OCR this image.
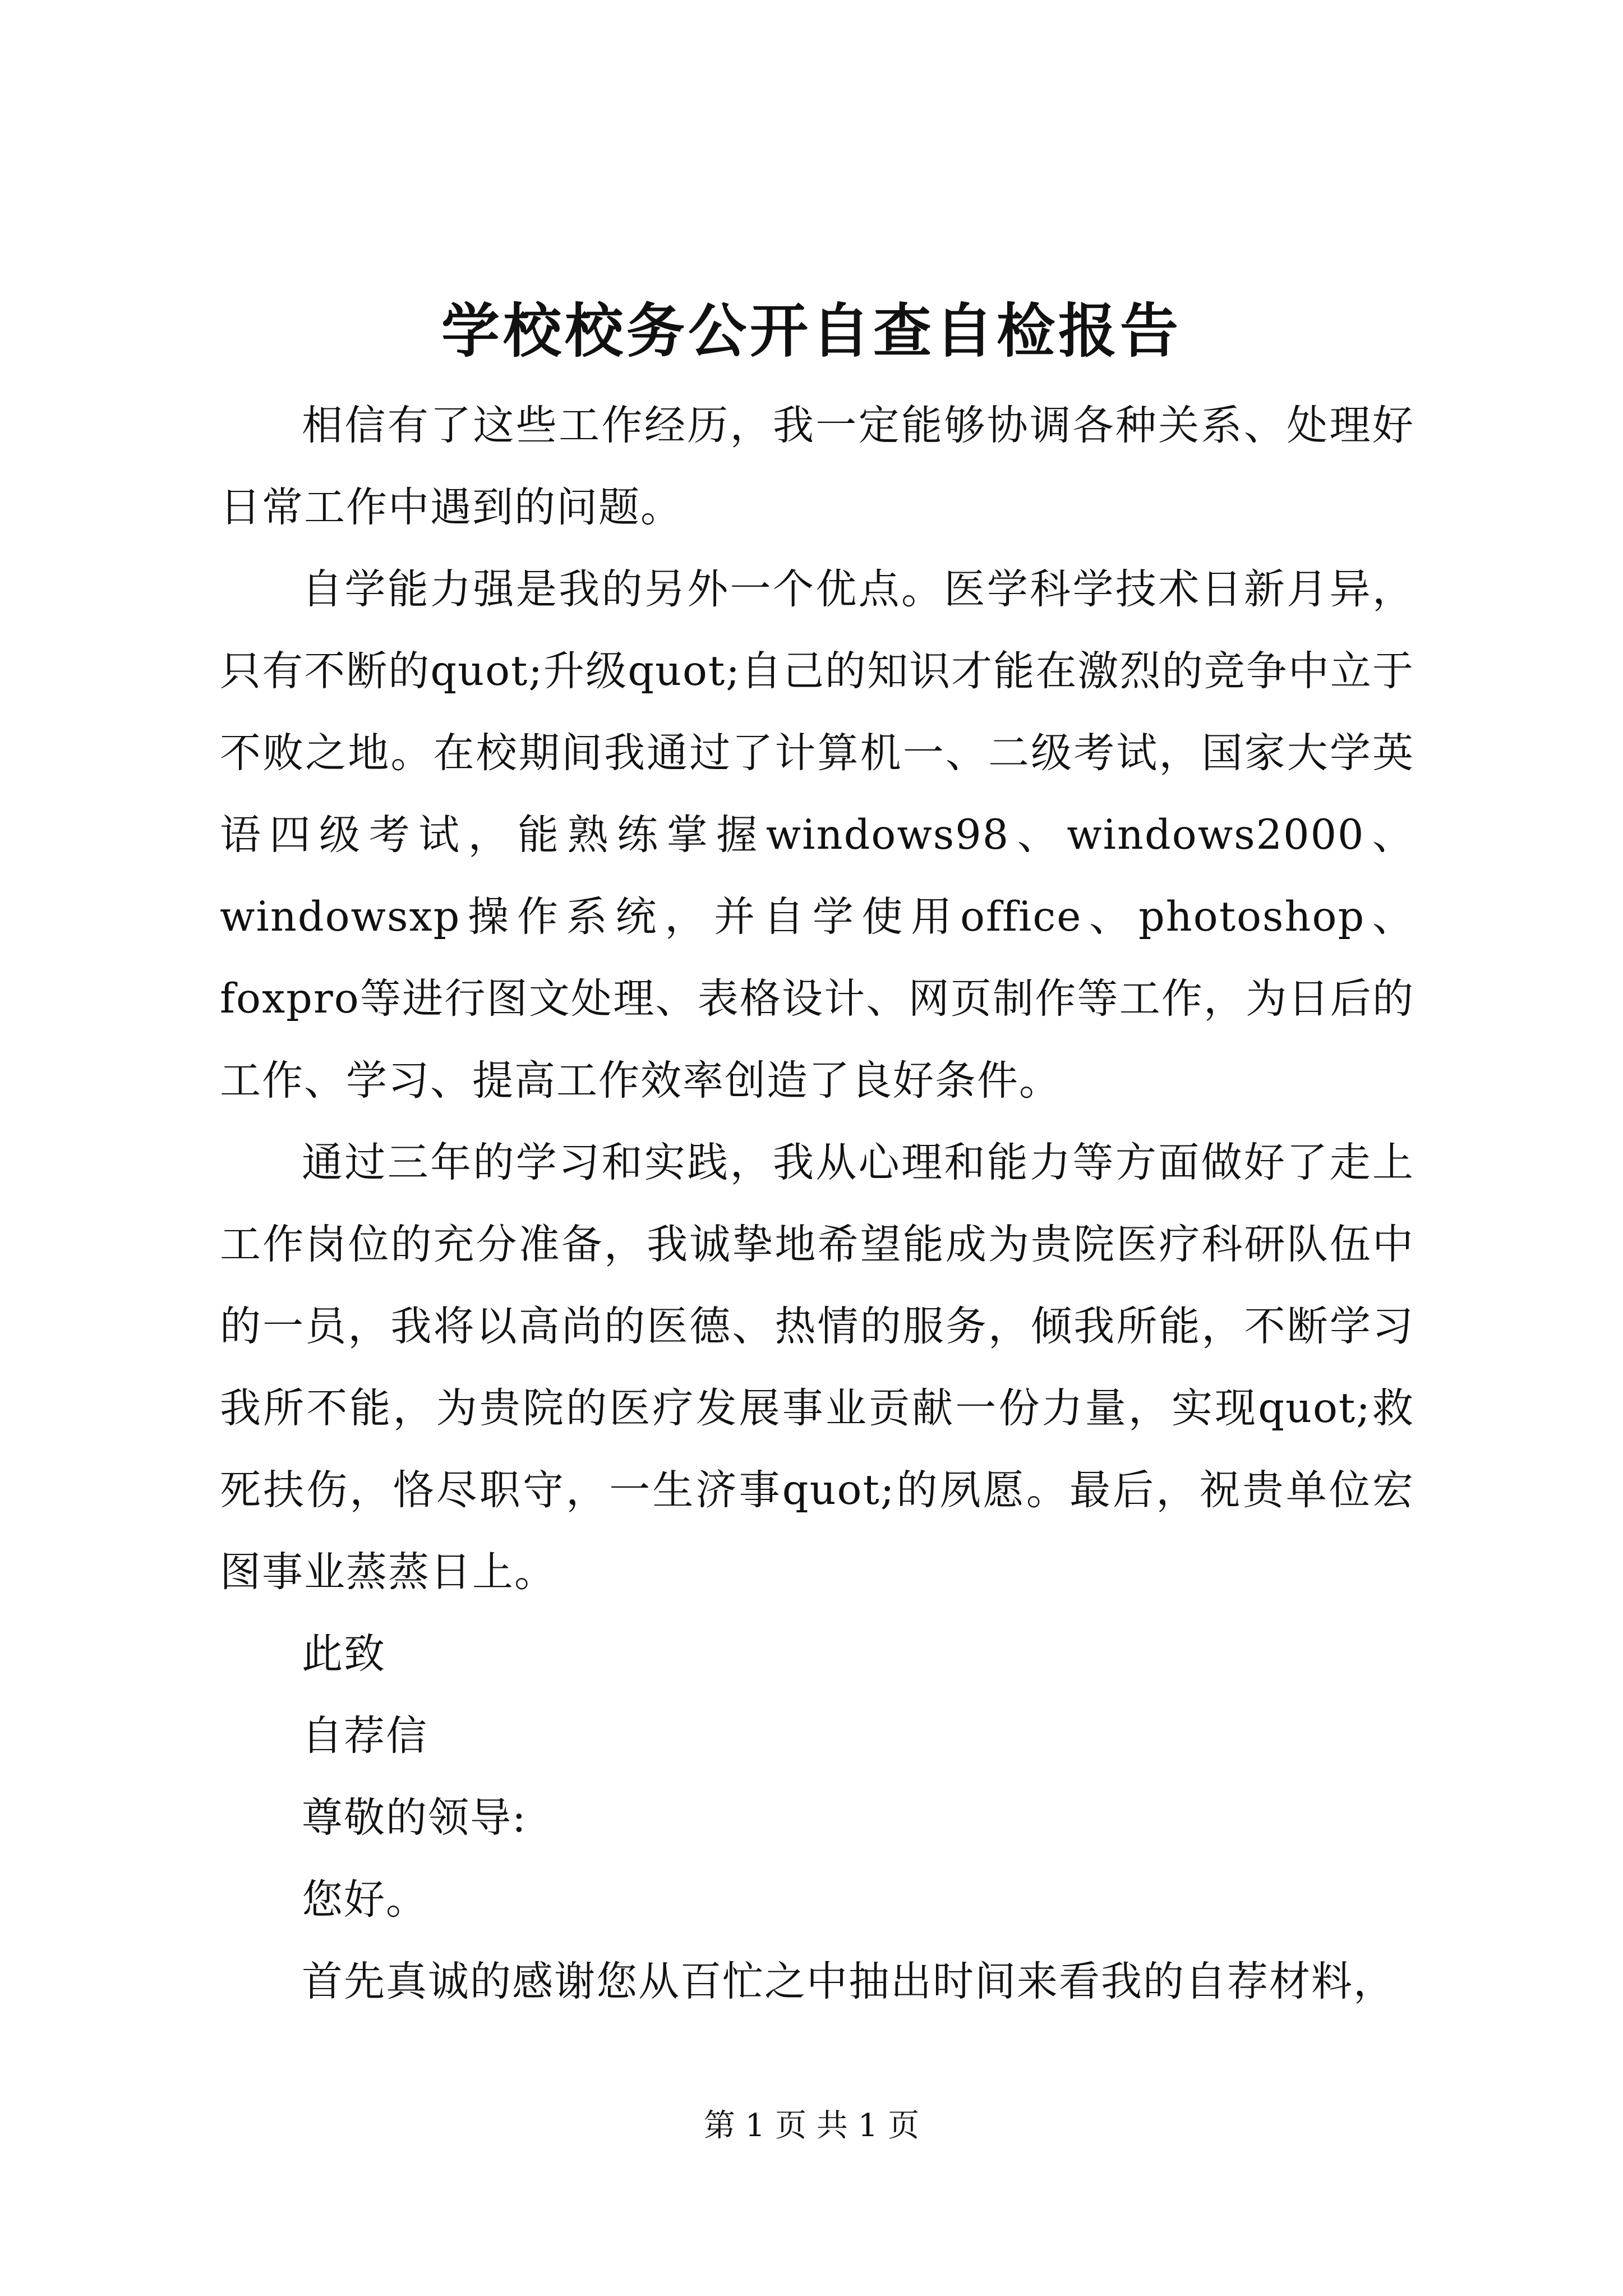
学校校务公开自查自检报告

相信有了这些工作经历，我一定能够协调各种关系、处理好日常工作中遇到的问题。

自学能力强是我的另外一个优点。医学科学技术日新月异，只有不断的quot;升级quot;自己的知识才能在激烈的竞争中立于不败之地。在校期间我通过了计算机一、二级考试，国家大学英语四级考试，能熟练掌握windows98、windows2000、windowsxp操作系统，并自学使用office、photoshop、foxpro等进行图文处理、表格设计、网页制作等工作，为日后的工作、学习、提高工作效率创造了良好条件。

通过三年的学习和实践，我从心理和能力等方面做好了走上工作岗位的充分准备，我诚挚地希望能成为贵院医疗科研队伍中的一员，我将以高尚的医德、热情的服务，倾我所能，不断学习我所不能，为贵院的医疗发展事业贡献一份力量，实现quot;救死扶伤，恪尽职守，一生济事quot;的夙愿。最后，祝贵单位宏图事业蒸蒸日上。

此致

自荐信

尊敬的领导:

您好。

首先真诚的感谢您从百忙之中抽出时间来看我的自荐材料，

第 1 页 共 1 页
